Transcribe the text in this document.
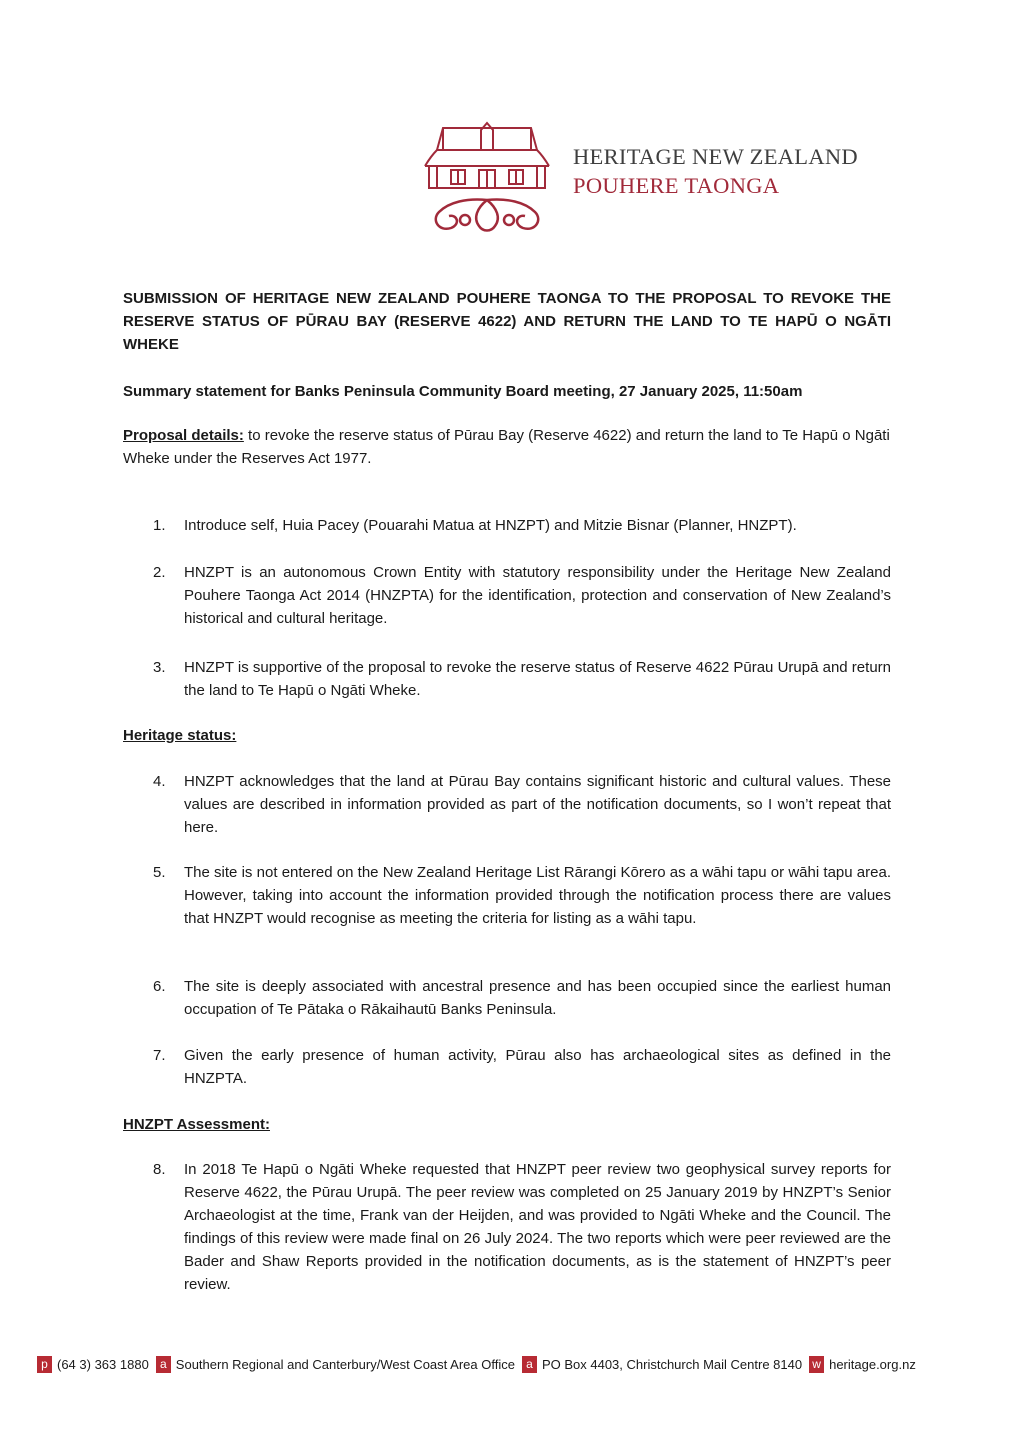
HERITAGE NEW ZEALAND
POUHERE TAONGA

SUBMISSION OF HERITAGE NEW ZEALAND POUHERE TAONGA TO THE PROPOSAL TO REVOKE THE RESERVE STATUS OF PŪRAU BAY (RESERVE 4622) AND RETURN THE LAND TO TE HAPŪ O NGĀTI WHEKE

Summary statement for Banks Peninsula Community Board meeting, 27 January 2025, 11:50am

Proposal details: to revoke the reserve status of Pūrau Bay (Reserve 4622) and return the land to Te Hapū o Ngāti Wheke under the Reserves Act 1977.

1. Introduce self, Huia Pacey (Pouarahi Matua at HNZPT) and Mitzie Bisnar (Planner, HNZPT).
2. HNZPT is an autonomous Crown Entity with statutory responsibility under the Heritage New Zealand Pouhere Taonga Act 2014 (HNZPTA) for the identification, protection and conservation of New Zealand’s historical and cultural heritage.
3. HNZPT is supportive of the proposal to revoke the reserve status of Reserve 4622 Pūrau Urupā and return the land to Te Hapū o Ngāti Wheke.
Heritage status:
4. HNZPT acknowledges that the land at Pūrau Bay contains significant historic and cultural values. These values are described in information provided as part of the notification documents, so I won’t repeat that here.
5. The site is not entered on the New Zealand Heritage List Rārangi Kōrero as a wāhi tapu or wāhi tapu area. However, taking into account the information provided through the notification process there are values that HNZPT would recognise as meeting the criteria for listing as a wāhi tapu.
6. The site is deeply associated with ancestral presence and has been occupied since the earliest human occupation of Te Pātaka o Rākaihautū Banks Peninsula.
7. Given the early presence of human activity, Pūrau also has archaeological sites as defined in the HNZPTA.
HNZPT Assessment:
8. In 2018 Te Hapū o Ngāti Wheke requested that HNZPT peer review two geophysical survey reports for Reserve 4622, the Pūrau Urupā. The peer review was completed on 25 January 2019 by HNZPT’s Senior Archaeologist at the time, Frank van der Heijden, and was provided to Ngāti Wheke and the Council. The findings of this review were made final on 26 July 2024. The two reports which were peer reviewed are the Bader and Shaw Reports provided in the notification documents, as is the statement of HNZPT’s peer review.
p (64 3) 363 1880 a Southern Regional and Canterbury/West Coast Area Office a PO Box 4403, Christchurch Mail Centre 8140 w heritage.org.nz
